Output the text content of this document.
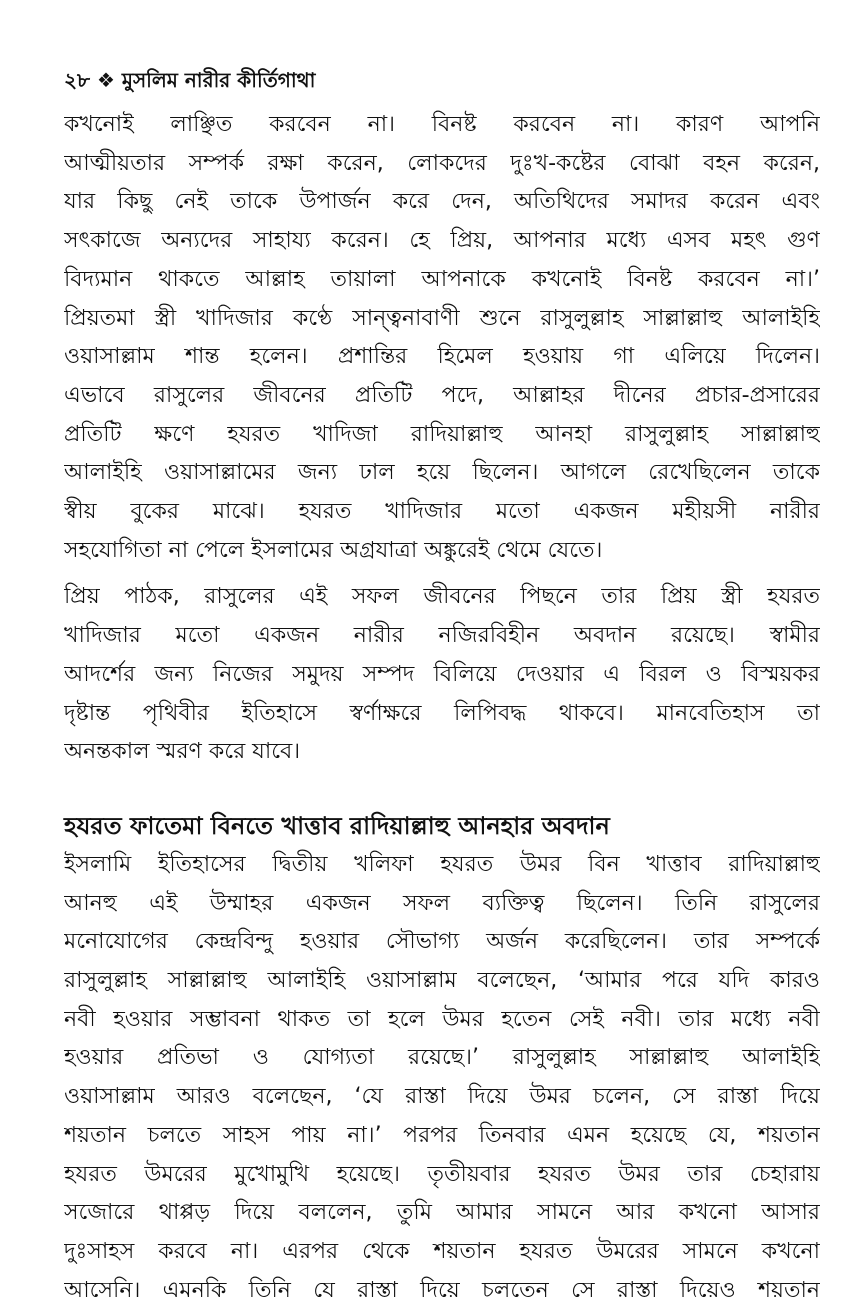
২৮ ❖ মুসলিম নারীর কীর্তিগাথা
কখনোই লাঞ্ছিত করবেন না। বিনষ্ট করবেন না। কারণ আপনি
আত্মীয়তার সম্পর্ক রক্ষা করেন, লোকদের দুঃখ-কষ্টের বোঝা বহন করেন,
যার কিছু নেই তাকে উপার্জন করে দেন, অতিথিদের সমাদর করেন এবং
সৎকাজে অন্যদের সাহায্য করেন। হে প্রিয়, আপনার মধ্যে এসব মহৎ গুণ
বিদ্যমান থাকতে আল্লাহ তায়ালা আপনাকে কখনোই বিনষ্ট করবেন না।’
প্রিয়তমা স্ত্রী খাদিজার কণ্ঠে সান্ত্বনাবাণী শুনে রাসুলুল্লাহ সাল্লাল্লাহু আলাইহি
ওয়াসাল্লাম শান্ত হলেন। প্রশান্তির হিমেল হওয়ায় গা এলিয়ে দিলেন।
এভাবে রাসুলের জীবনের প্রতিটি পদে, আল্লাহর দীনের প্রচার-প্রসারের
প্রতিটি ক্ষণে হযরত খাদিজা রাদিয়াল্লাহু আনহা রাসুলুল্লাহ সাল্লাল্লাহু
আলাইহি ওয়াসাল্লামের জন্য ঢাল হয়ে ছিলেন। আগলে রেখেছিলেন তাকে
স্বীয় বুকের মাঝে। হযরত খাদিজার মতো একজন মহীয়সী নারীর
সহযোগিতা না পেলে ইসলামের অগ্রযাত্রা অঙ্কুরেই থেমে যেতে।
প্রিয় পাঠক, রাসুলের এই সফল জীবনের পিছনে তার প্রিয় স্ত্রী হযরত
খাদিজার মতো একজন নারীর নজিরবিহীন অবদান রয়েছে। স্বামীর
আদর্শের জন্য নিজের সমুদয় সম্পদ বিলিয়ে দেওয়ার এ বিরল ও বিস্ময়কর
দৃষ্টান্ত পৃথিবীর ইতিহাসে স্বর্ণাক্ষরে লিপিবদ্ধ থাকবে। মানবেতিহাস তা
অনন্তকাল স্মরণ করে যাবে।
হযরত ফাতেমা বিনতে খাত্তাব রাদিয়াল্লাহু আনহার অবদান
ইসলামি ইতিহাসের দ্বিতীয় খলিফা হযরত উমর বিন খাত্তাব রাদিয়াল্লাহু
আনহু এই উম্মাহর একজন সফল ব্যক্তিত্ব ছিলেন। তিনি রাসুলের
মনোযোগের কেন্দ্রবিন্দু হওয়ার সৌভাগ্য অর্জন করেছিলেন। তার সম্পর্কে
রাসুলুল্লাহ সাল্লাল্লাহু আলাইহি ওয়াসাল্লাম বলেছেন, ‘আমার পরে যদি কারও
নবী হওয়ার সম্ভাবনা থাকত তা হলে উমর হতেন সেই নবী। তার মধ্যে নবী
হওয়ার প্রতিভা ও যোগ্যতা রয়েছে।’ রাসুলুল্লাহ সাল্লাল্লাহু আলাইহি
ওয়াসাল্লাম আরও বলেছেন, ‘যে রাস্তা দিয়ে উমর চলেন, সে রাস্তা দিয়ে
শয়তান চলতে সাহস পায় না।’ পরপর তিনবার এমন হয়েছে যে, শয়তান
হযরত উমরের মুখোমুখি হয়েছে। তৃতীয়বার হযরত উমর তার চেহারায়
সজোরে থাপ্পড় দিয়ে বললেন, তুমি আমার সামনে আর কখনো আসার
দুঃসাহস করবে না। এরপর থেকে শয়তান হযরত উমরের সামনে কখনো
আসেনি। এমনকি তিনি যে রাস্তা দিয়ে চলতেন সে রাস্তা দিয়েও শয়তান
